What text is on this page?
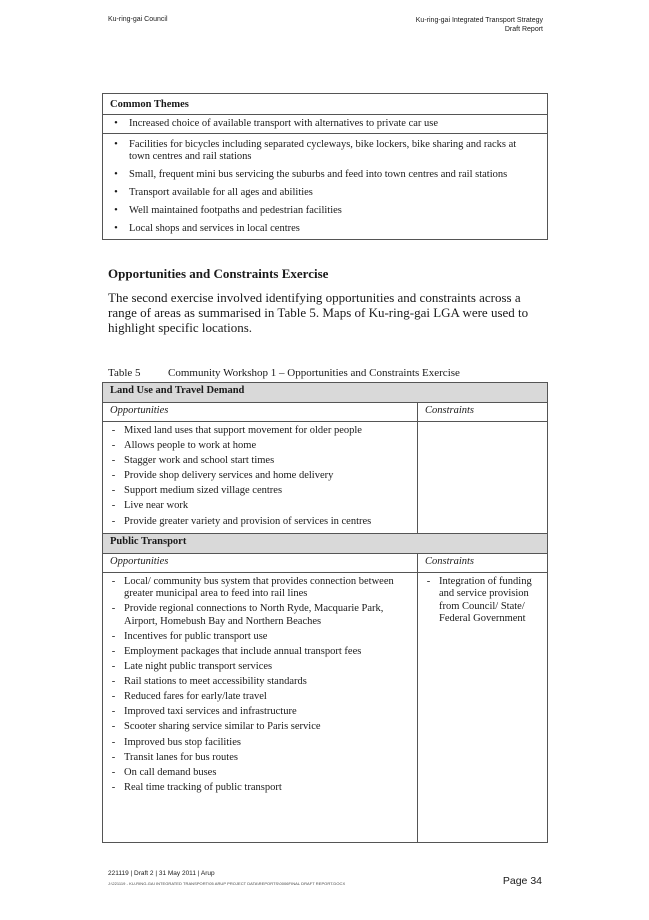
Ku-ring-gai Council	Ku-ring-gai Integrated Transport Strategy
Draft Report
Common Themes

•	Increased choice of available transport with alternatives to private car use

•	Facilities for bicycles including separated cycleways, bike lockers, bike sharing and racks at town centres and rail stations
•	Small, frequent mini bus servicing the suburbs and feed into town centres and rail stations
•	Transport available for all ages and abilities
•	Well maintained footpaths and pedestrian facilities
•	Local shops and services in local centres
Opportunities and Constraints Exercise
The second exercise involved identifying opportunities and constraints across a range of areas as summarised in Table 5. Maps of Ku-ring-gai LGA were used to highlight specific locations.
Table 5 Community Workshop 1 – Opportunities and Constraints Exercise
Land Use and Travel Demand	
Opportunities	Constraints

- Mixed land uses that support movement for older people
- Allows people to work at home
- Stagger work and school start times
- Provide shop delivery services and home delivery
- Support medium sized village centres
- Live near work
- Provide greater variety and provision of services in centres

Public Transport	
Opportunities	Constraints

- Local/ community bus system that provides connection between greater municipal area to feed into rail lines
- Provide regional connections to North Ryde, Macquarie Park, Airport, Homebush Bay and Northern Beaches
- Incentives for public transport use
- Employment packages that include annual transport fees
- Late night public transport services
- Rail stations to meet accessibility standards
- Reduced fares for early/late travel
- Improved taxi services and infrastructure
- Scooter sharing service similar to Paris service
- Improved bus stop facilities
- Transit lanes for bus routes
- On call demand buses
- Real time tracking of public transport

- Integration of funding and service provision from Council/ State/ Federal Government
221119 | Draft 2 | 31 May 2011 | Arup
J:\221119 - KU-RING-GAI INTEGRATED TRANSPORT\05 ARUP PROJECT DATA\REPORTS\0006FINAL DRAFT REPORT.DOCX	Page 34
